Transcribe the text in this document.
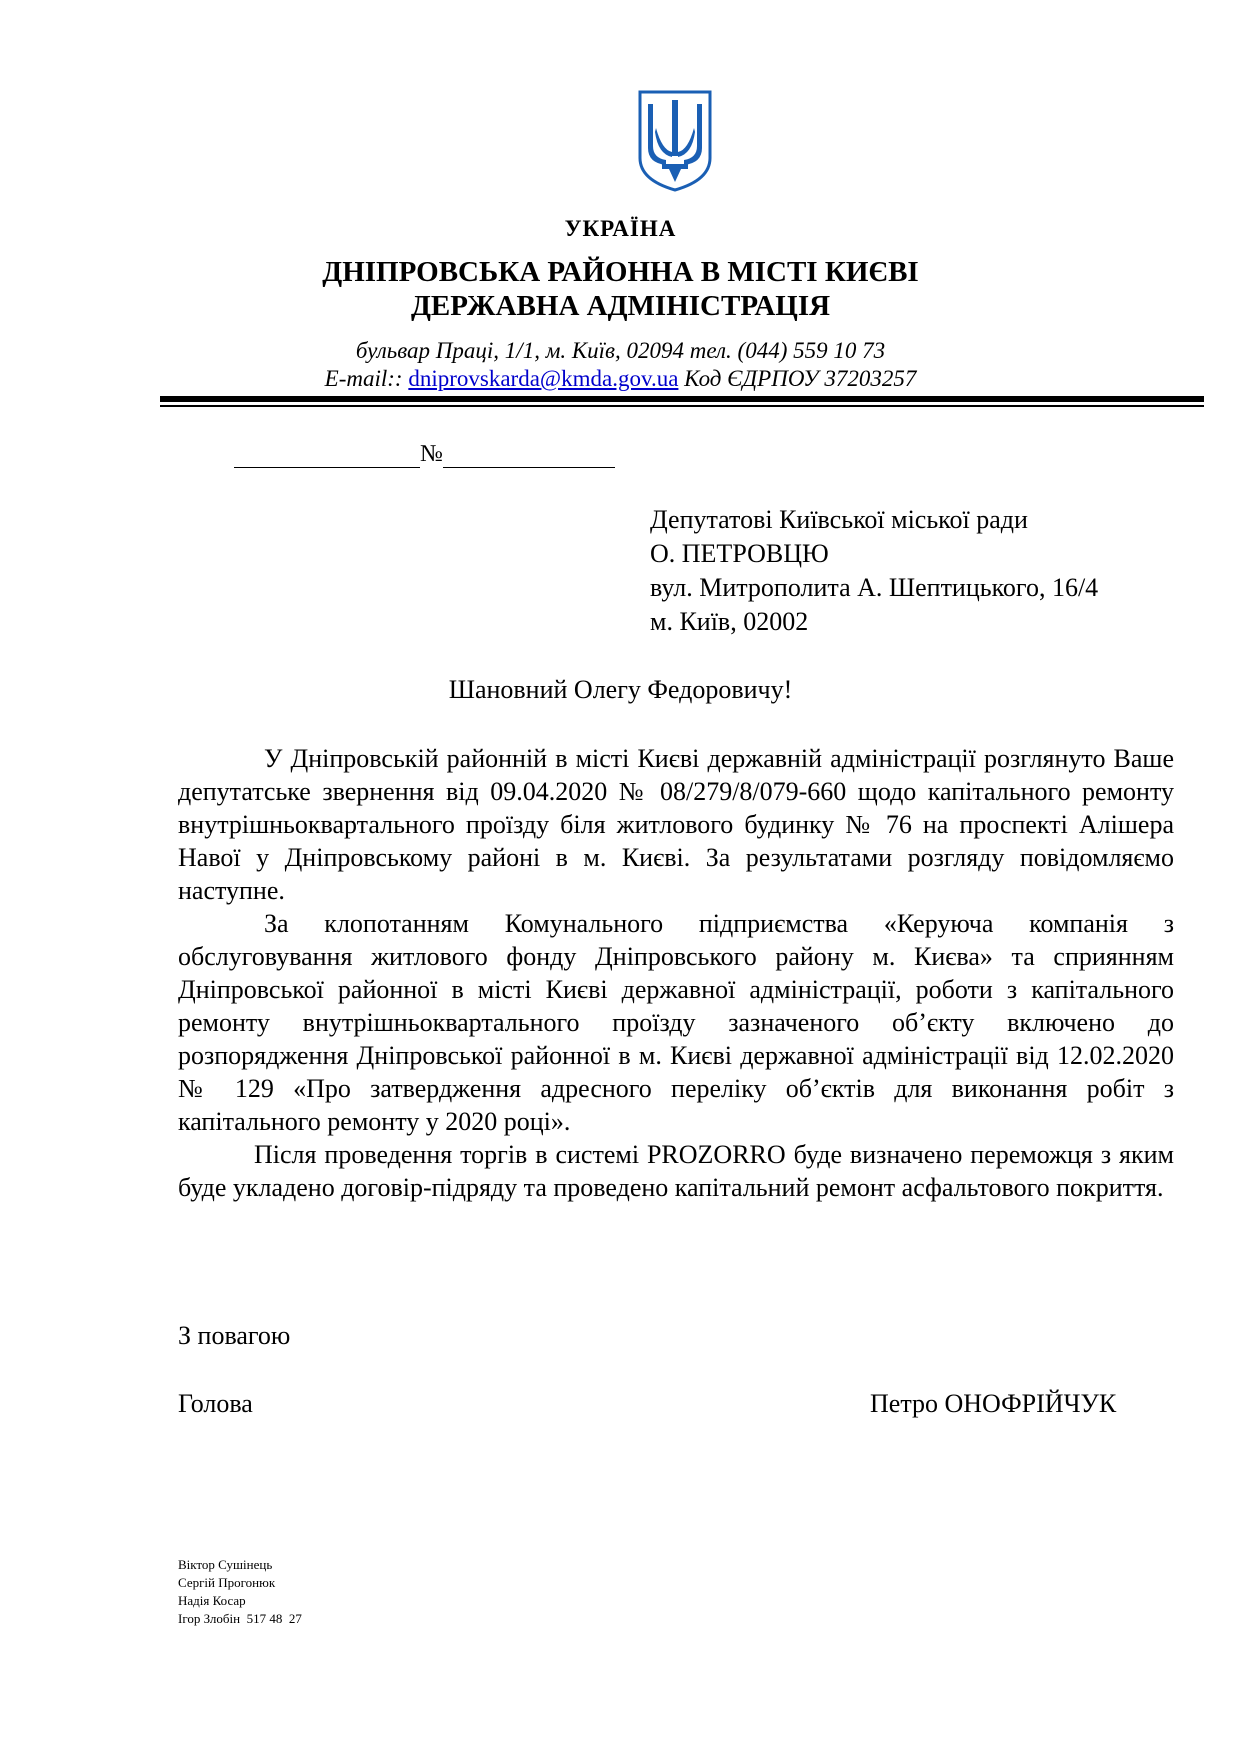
УКРАЇНА
ДНІПРОВСЬКА РАЙОННА В МІСТІ КИЄВІ
ДЕРЖАВНА АДМІНІСТРАЦІЯ
бульвар Праці, 1/1, м. Київ, 02094 тел. (044) 559 10 73
E-mail:: dniprovskarda@kmda.gov.ua Код ЄДРПОУ 37203257
№
Депутатові Київської міської ради
О. ПЕТРОВЦЮ
вул. Митрополита А. Шептицького, 16/4
м. Київ, 02002
Шановний Олегу Федоровичу!

У Дніпровській районній в місті Києві державній адміністрації розглянуто Ваше депутатське звернення від 09.04.2020 № 08/279/8/079-660 щодо капітального ремонту внутрішньоквартального проїзду біля житлового будинку № 76 на проспекті Алішера Навої у Дніпровському районі в м. Києві. За результатами розгляду повідомляємо наступне.

За клопотанням Комунального підприємства «Керуюча компанія з обслуговування житлового фонду Дніпровського району м. Києва» та сприянням Дніпровської районної в місті Києві державної адміністрації, роботи з капітального ремонту внутрішньоквартального проїзду зазначеного об’єкту включено до розпорядження Дніпровської районної в м. Києві державної адміністрації від 12.02.2020 № 129 «Про затвердження адресного переліку об’єктів для виконання робіт з капітального ремонту у 2020 році».

Після проведення торгів в системі PROZORRO буде визначено переможця з яким буде укладено договір-підряду та проведено капітальний ремонт асфальтового покриття.

З повагою
Голова	Петро ОНОФРІЙЧУК
Віктор Сушінець
Сергій Прогонюк
Надія Косар
Ігор Злобін  517 48  27
